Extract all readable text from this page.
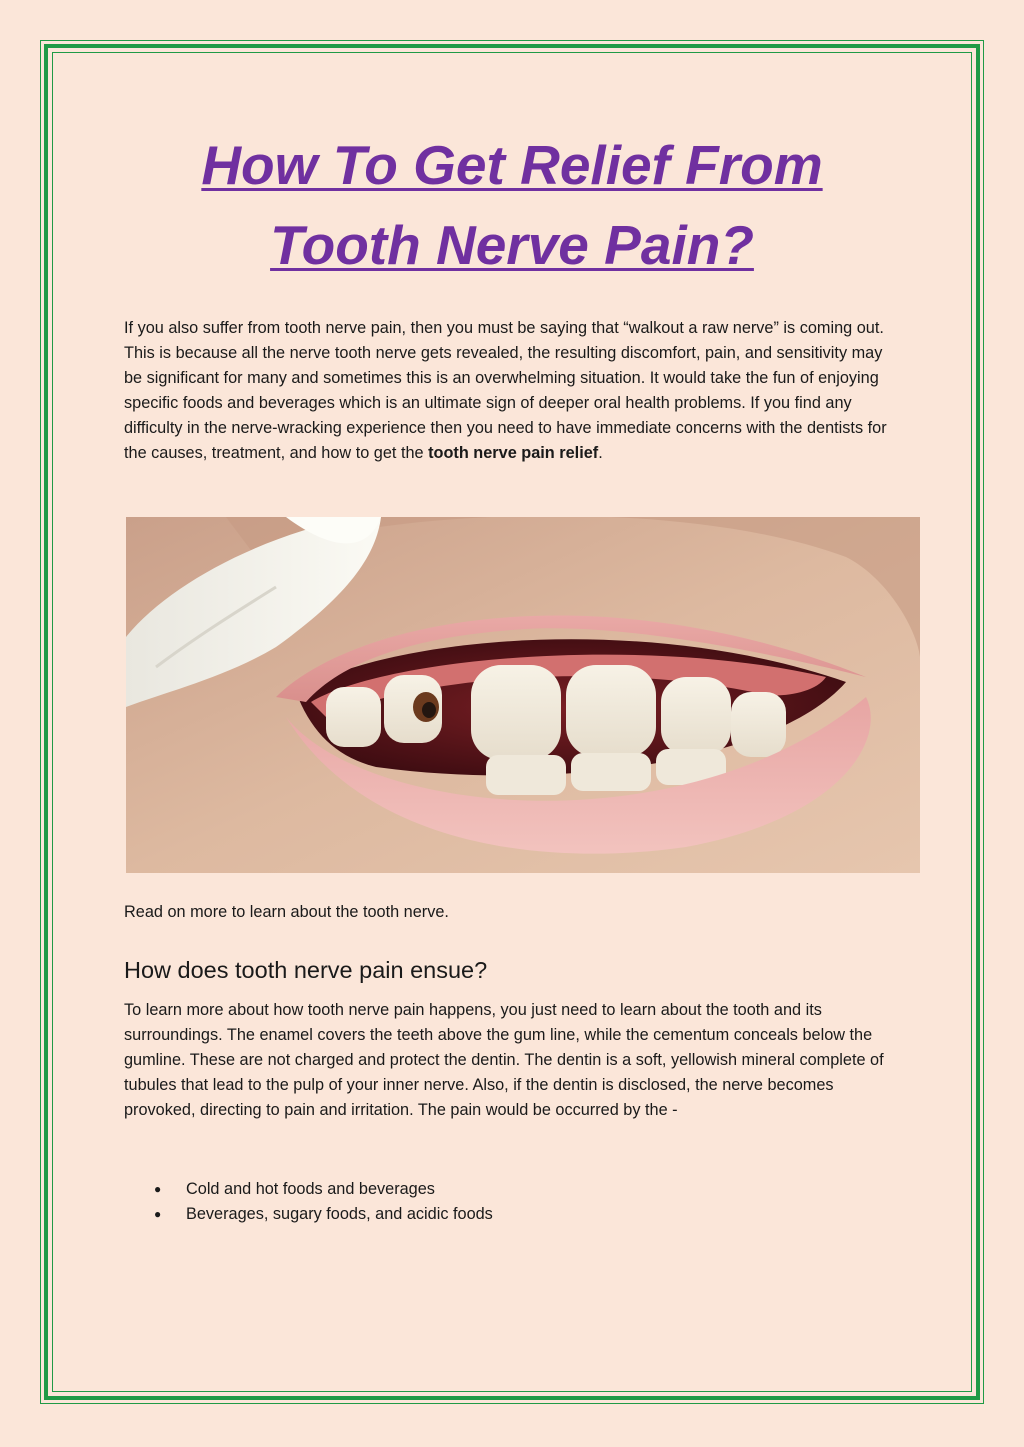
How To Get Relief From
Tooth Nerve Pain?

If you also suffer from tooth nerve pain, then you must be saying that “walkout a raw nerve” is coming out. This is because all the nerve tooth nerve gets revealed, the resulting discomfort, pain, and sensitivity may be significant for many and sometimes this is an overwhelming situation. It would take the fun of enjoying specific foods and beverages which is an ultimate sign of deeper oral health problems. If you find any difficulty in the nerve-wracking experience then you need to have immediate concerns with the dentists for the causes, treatment, and how to get the tooth nerve pain relief.

Read on more to learn about the tooth nerve.

How does tooth nerve pain ensue?

To learn more about how tooth nerve pain happens, you just need to learn about the tooth and its surroundings. The enamel covers the teeth above the gum line, while the cementum conceals below the gumline. These are not charged and protect the dentin. The dentin is a soft, yellowish mineral complete of tubules that lead to the pulp of your inner nerve. Also, if the dentin is disclosed, the nerve becomes provoked, directing to pain and irritation. The pain would be occurred by the -

● Cold and hot foods and beverages
● Beverages, sugary foods, and acidic foods
